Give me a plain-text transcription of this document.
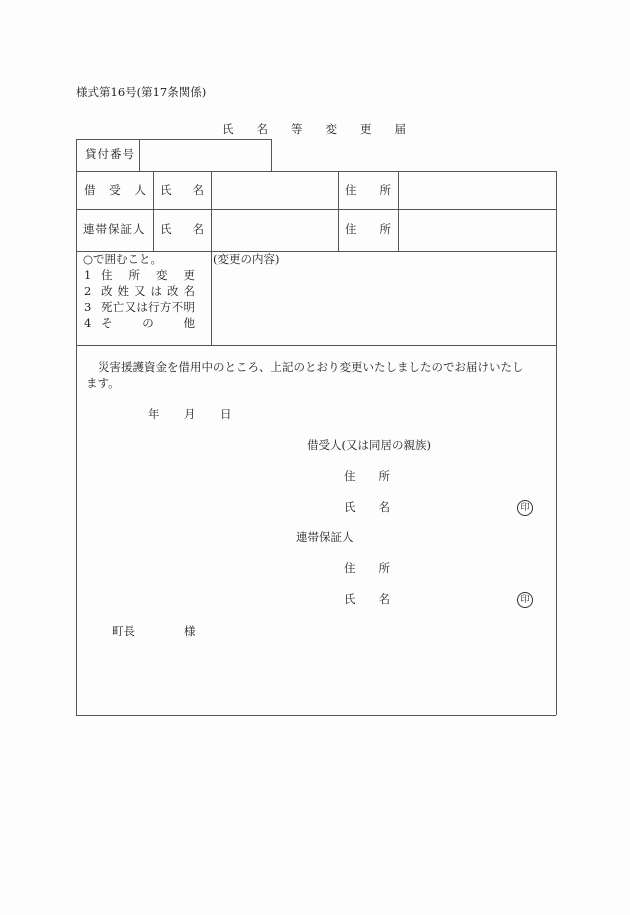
様式第16号(第17条関係)
氏 名 等 変 更 届
貸付番号
借 受 人 氏 名	住 所
連帯保証人 氏 名	住 所
○で囲むこと。
1 住 所 変 更
2 改 姓 又 は 改 名
3 死 亡 又 は 行 方 不 明
4 そ	の	他
(変更の内容)
災害援護資金を借用中のところ、上記のとおり変更いたしましたのでお届けいたし
ます。
年 月 日
借受人(又は同居の親族)
住 所
氏 名	印
連帯保証人
住 所
氏 名	印
町長	様
